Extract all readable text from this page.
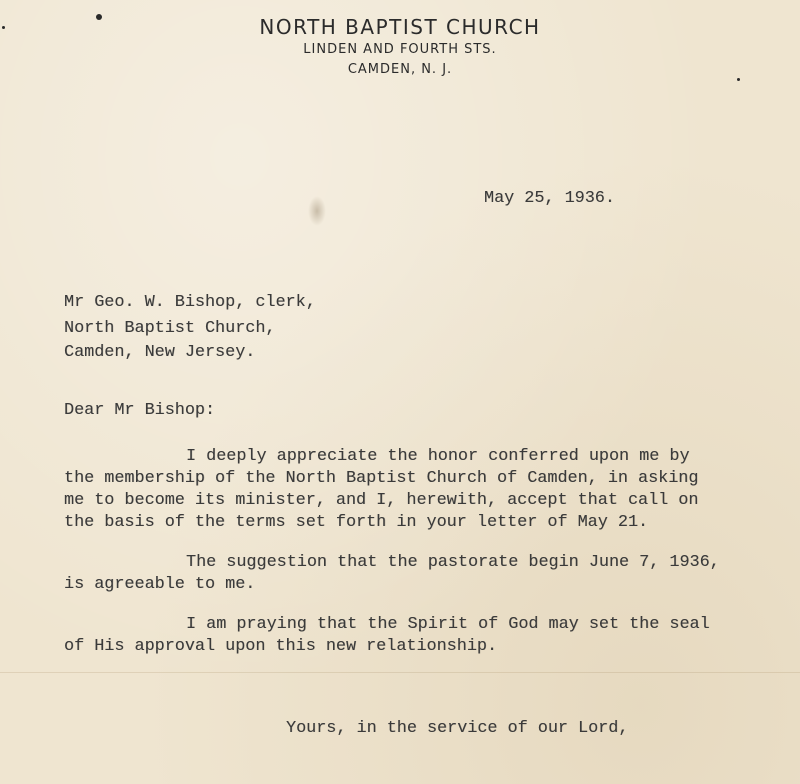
NORTH BAPTIST CHURCH
LINDEN AND FOURTH STS.
CAMDEN, N. J.

May 25, 1936.

Mr Geo. W. Bishop, clerk,

North Baptist Church,

Camden, New Jersey.

Dear Mr Bishop:

I deeply appreciate the honor conferred upon me by

the membership of the North Baptist Church of Camden, in asking

me to become its minister, and I, herewith, accept that call on

the basis of the terms set forth in your letter of May 21.

The suggestion that the pastorate begin June 7, 1936,

is agreeable to me.

I am praying that the Spirit of God may set the seal

of His approval upon this new relationship.

Yours, in the service of our Lord,
